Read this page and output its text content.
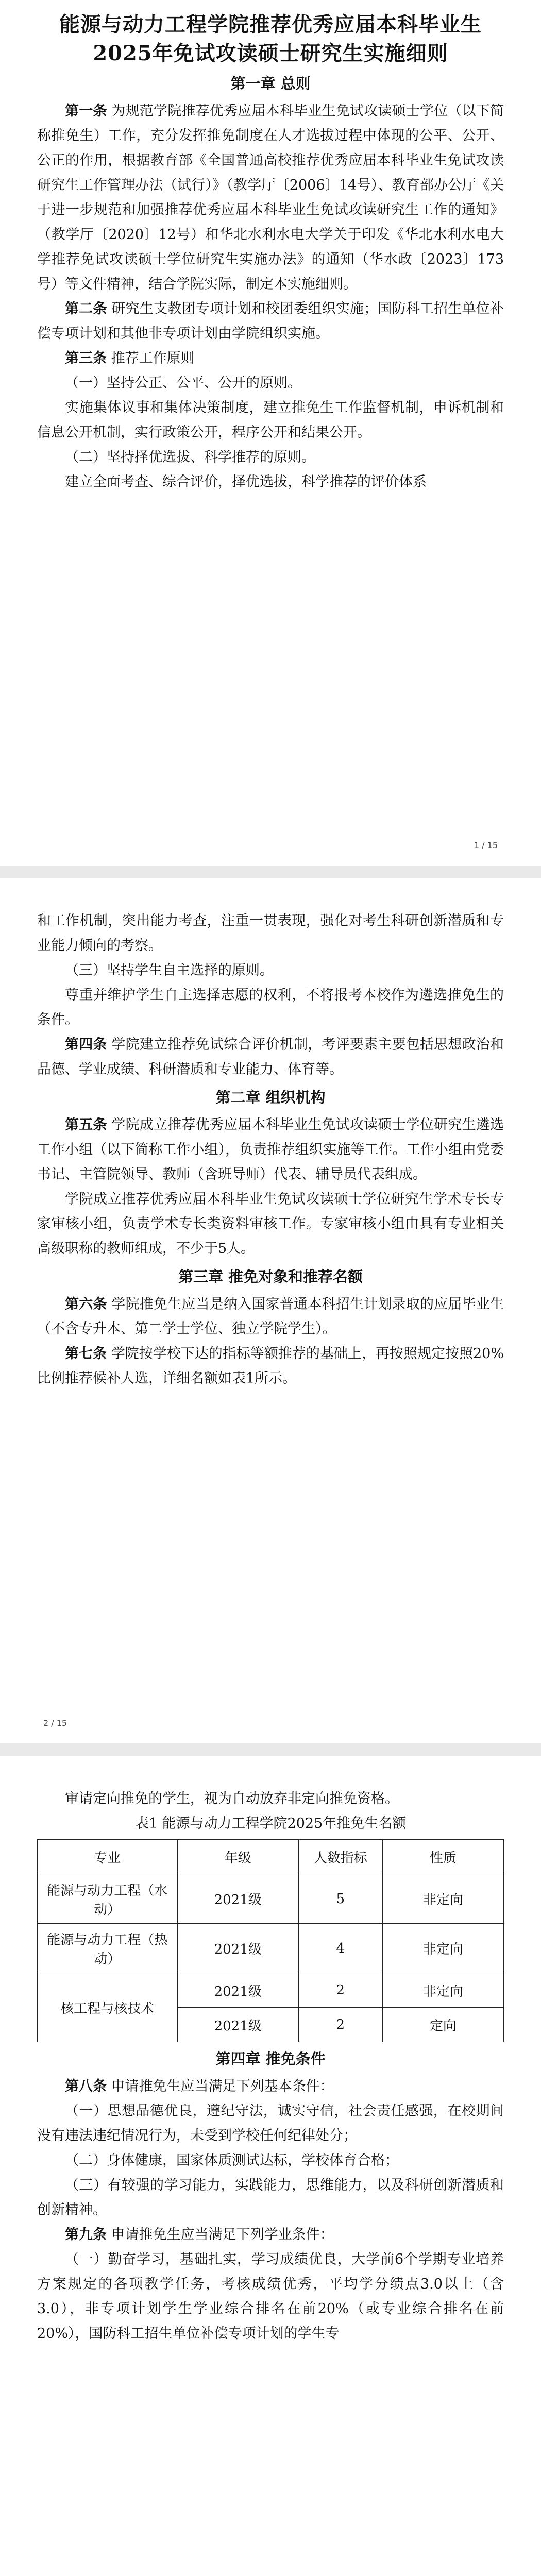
能源与动力工程学院推荐优秀应届本科毕业生
2025年免试攻读硕士研究生实施细则
第一章 总则

第一条 为规范学院推荐优秀应届本科毕业生免试攻读硕士学位（以下简称推免生）工作，充分发挥推免制度在人才选拔过程中体现的公平、公开、公正的作用，根据教育部《全国普通高校推荐优秀应届本科毕业生免试攻读研究生工作管理办法（试行）》（教学厅〔2006〕14号）、教育部办公厅《关于进一步规范和加强推荐优秀应届本科毕业生免试攻读研究生工作的通知》（教学厅〔2020〕12号）和华北水利水电大学关于印发《华北水利水电大学推荐免试攻读硕士学位研究生实施办法》的通知（华水政〔2023〕173号）等文件精神，结合学院实际，制定本实施细则。

第二条 研究生支教团专项计划和校团委组织实施；国防科工招生单位补偿专项计划和其他非专项计划由学院组织实施。

第三条 推荐工作原则

（一）坚持公正、公平、公开的原则。

实施集体议事和集体决策制度，建立推免生工作监督机制，申诉机制和信息公开机制，实行政策公开，程序公开和结果公开。

（二）坚持择优选拔、科学推荐的原则。

建立全面考查、综合评价，择优选拔，科学推荐的评价体系

1 / 15

和工作机制，突出能力考查，注重一贯表现，强化对考生科研创新潜质和专业能力倾向的考察。

（三）坚持学生自主选择的原则。

尊重并维护学生自主选择志愿的权利，不将报考本校作为遴选推免生的条件。

第四条 学院建立推荐免试综合评价机制，考评要素主要包括思想政治和品德、学业成绩、科研潜质和专业能力、体育等。

第二章 组织机构

第五条 学院成立推荐优秀应届本科毕业生免试攻读硕士学位研究生遴选工作小组（以下简称工作小组），负责推荐组织实施等工作。工作小组由党委书记、主管院领导、教师（含班导师）代表、辅导员代表组成。

学院成立推荐优秀应届本科毕业生免试攻读硕士学位研究生学术专长专家审核小组，负责学术专长类资料审核工作。专家审核小组由具有专业相关高级职称的教师组成，不少于5人。

第三章 推免对象和推荐名额

第六条 学院推免生应当是纳入国家普通本科招生计划录取的应届毕业生（不含专升本、第二学士学位、独立学院学生）。

第七条 学院按学校下达的指标等额推荐的基础上，再按照规定按照20%比例推荐候补人选，详细名额如表1所示。

2 / 15

审请定向推免的学生，视为自动放弃非定向推免资格。

表1 能源与动力工程学院2025年推免生名额
专业	年级	人数指标	性质
能源与动力工程（水动）	2021级	5	非定向
能源与动力工程（热动）	2021级	4	非定向
核工程与核技术	2021级	2	非定向
	2021级	2	定向
第四章 推免条件

第八条 申请推免生应当满足下列基本条件：

（一）思想品德优良，遵纪守法，诚实守信，社会责任感强，在校期间没有违法违纪情况行为，未受到学校任何纪律处分；

（二）身体健康，国家体质测试达标，学校体育合格；

（三）有较强的学习能力，实践能力，思维能力，以及科研创新潜质和创新精神。

第九条 申请推免生应当满足下列学业条件：

（一）勤奋学习，基础扎实，学习成绩优良，大学前6个学期专业培养方案规定的各项教学任务，考核成绩优秀，平均学分绩点3.0以上（含3.0），非专项计划学生学业综合排名在前20%（或专业综合排名在前20%），国防科工招生单位补偿专项计划的学生专
